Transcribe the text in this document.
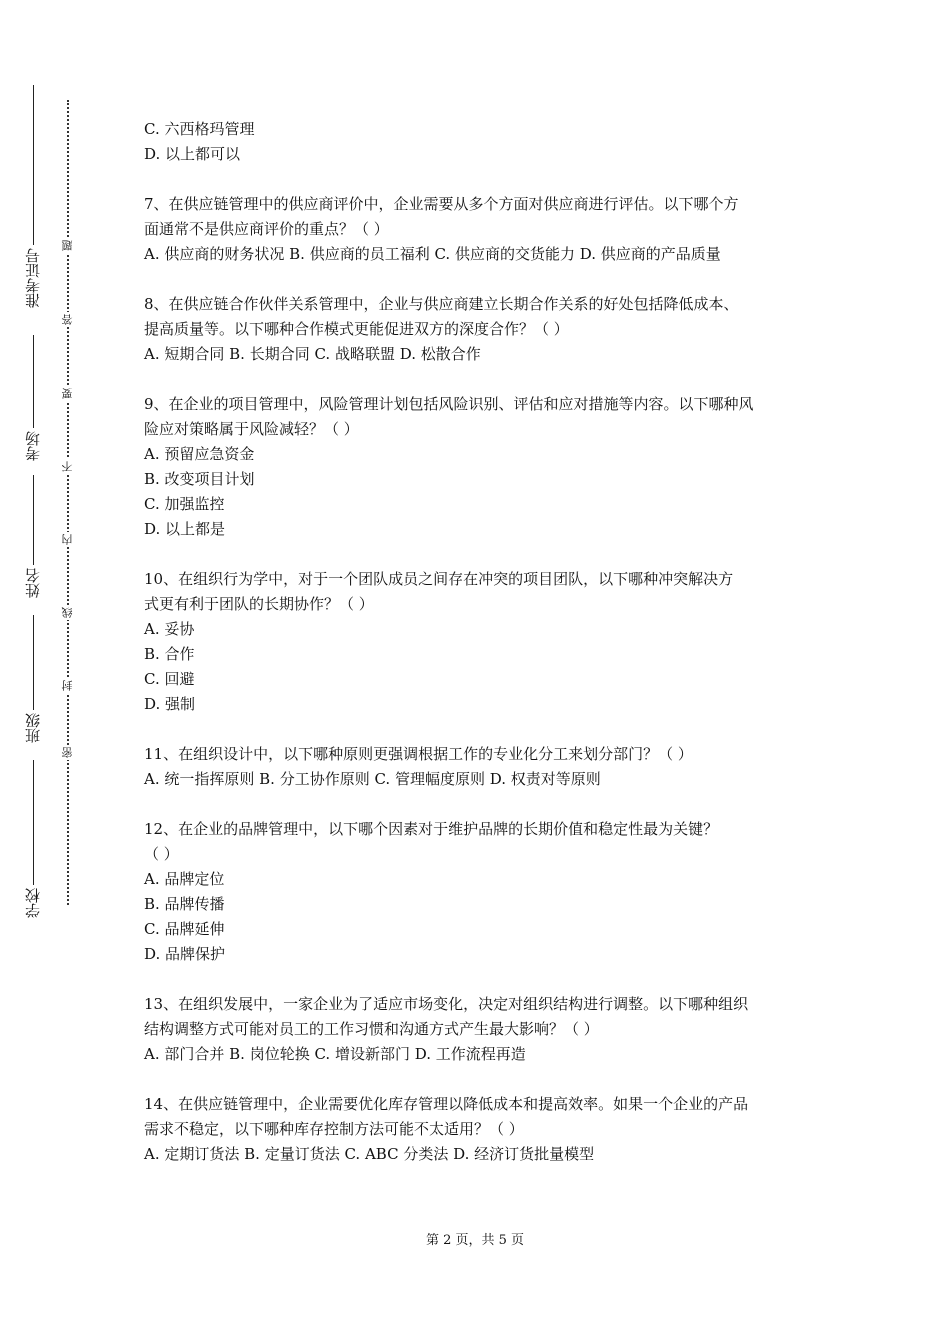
准考证号
考场
姓名
班级
学校
题
答
要
不
内
线
封
密

C. 六西格玛管理

D. 以上都可以

7、在供应链管理中的供应商评价中，企业需要从多个方面对供应商进行评估。以下哪个方

面通常不是供应商评价的重点？（ ）

A. 供应商的财务状况 B. 供应商的员工福利 C. 供应商的交货能力 D. 供应商的产品质量

8、在供应链合作伙伴关系管理中，企业与供应商建立长期合作关系的好处包括降低成本、

提高质量等。以下哪种合作模式更能促进双方的深度合作？（ ）

A. 短期合同 B. 长期合同 C. 战略联盟 D. 松散合作

9、在企业的项目管理中，风险管理计划包括风险识别、评估和应对措施等内容。以下哪种风

险应对策略属于风险减轻？（ ）

A. 预留应急资金

B. 改变项目计划

C. 加强监控

D. 以上都是

10、在组织行为学中，对于一个团队成员之间存在冲突的项目团队，以下哪种冲突解决方

式更有利于团队的长期协作？（ ）

A. 妥协

B. 合作

C. 回避

D. 强制

11、在组织设计中，以下哪种原则更强调根据工作的专业化分工来划分部门？（ ）

A. 统一指挥原则 B. 分工协作原则 C. 管理幅度原则 D. 权责对等原则

12、在企业的品牌管理中，以下哪个因素对于维护品牌的长期价值和稳定性最为关键？

（ ）

A. 品牌定位

B. 品牌传播

C. 品牌延伸

D. 品牌保护

13、在组织发展中，一家企业为了适应市场变化，决定对组织结构进行调整。以下哪种组织

结构调整方式可能对员工的工作习惯和沟通方式产生最大影响？（ ）

A. 部门合并 B. 岗位轮换 C. 增设新部门 D. 工作流程再造

14、在供应链管理中，企业需要优化库存管理以降低成本和提高效率。如果一个企业的产品

需求不稳定，以下哪种库存控制方法可能不太适用？（ ）

A. 定期订货法 B. 定量订货法 C. ABC 分类法 D. 经济订货批量模型

第 2 页，共 5 页
